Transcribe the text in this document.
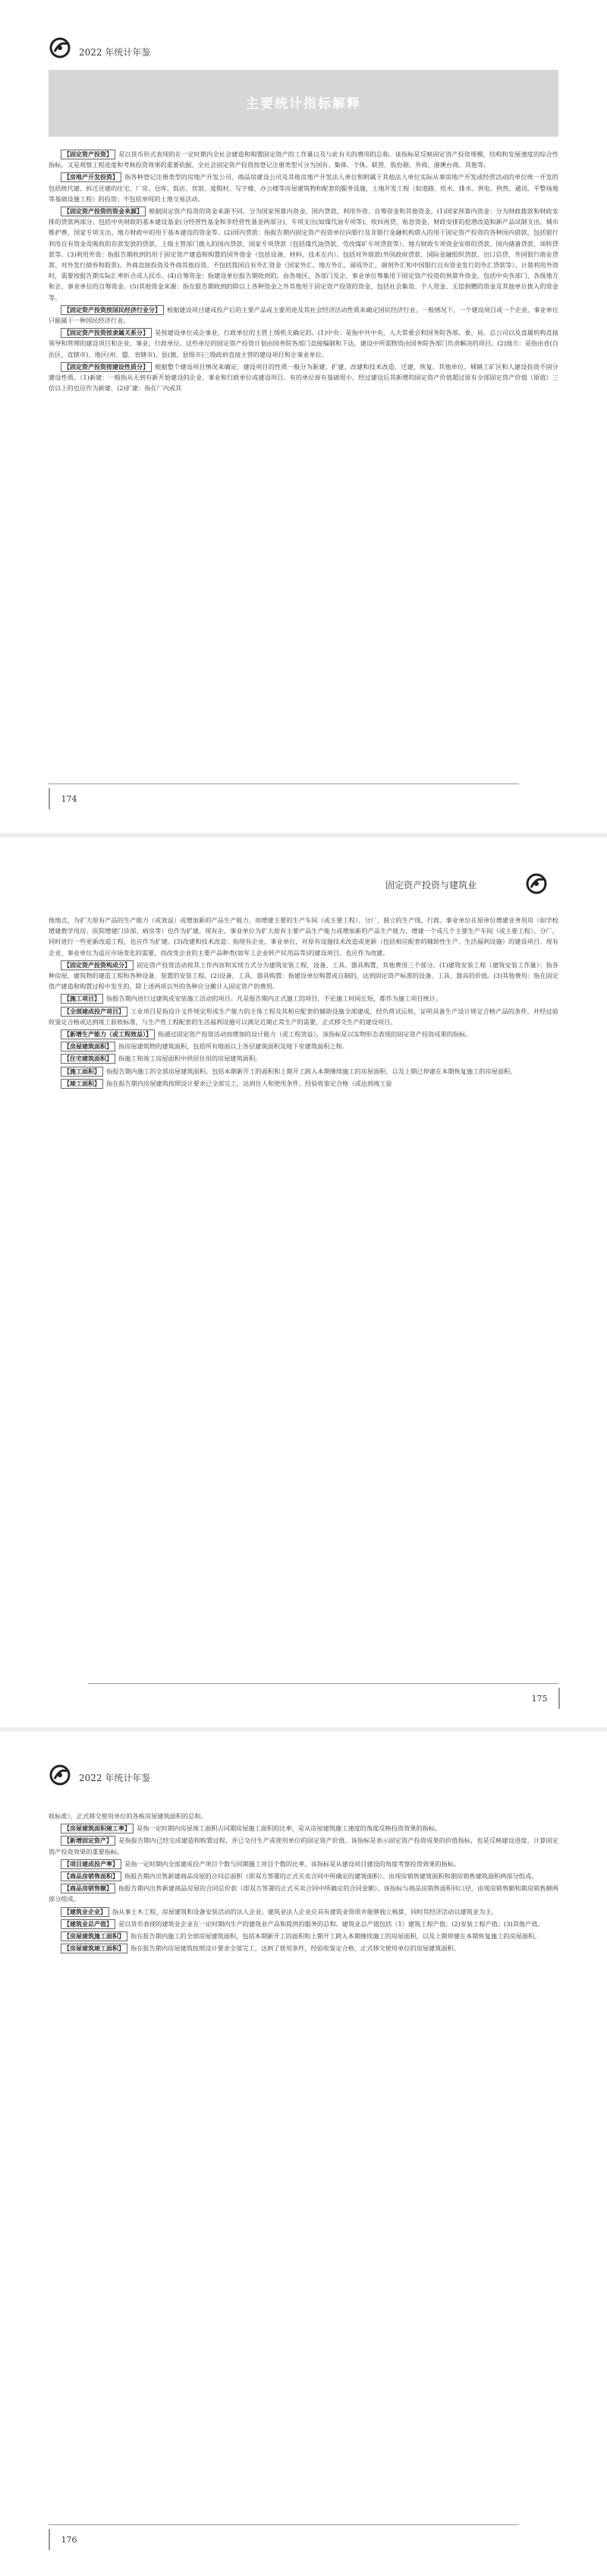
2022 年统计年鉴
主要统计指标解释

【固定资产投资】 是以货币形式表现的在一定时期内全社会建造和购置固定资产的工作量以及与此有关的费用的总称。该指标是反映固定资产投资规模、结构和发展速度的综合性指标，又是观察工程进度和考核投资效果的重要依据。全社会固定资产投资按登记注册类型可分为国有、集体、个体、联营、股份制、外商、港澳台商、其他等。

【房地产开发投资】 指各种登记注册类型的房地产开发公司、商品房建设公司及其他房地产开发法人单位和附属于其他法人单位实际从事房地产开发或经营活动的单位统一开发的包括统代建、拆迁还建的住宅、厂房、仓库、饭店、宾馆、度假村、写字楼、办公楼等房屋建筑物和配套的服务设施，土地开发工程（如道路、给水、排水、供电、供热、通讯、平整场地等基础设施工程）的投资；不包括单纯的土地交易活动。

【固定资产投资的资金来源】 根据固定资产投资的资金来源不同，分为国家预算内资金、国内贷款、利用外资、自筹资金和其他资金。(1)国家预算内资金：分为财政拨款和财政安排的贷款两部分。包括中央财政的基本建设基金(分经营性基金和非经营性基金两部分)、专项支出(如煤代油专项等)、收回再贷、贴息资金、财政安排的挖潜改造和新产品试制支出、城市维护费、国家专项支出、地方财政中的用于基本建设的资金等。(2)国内贷款：指报告期内固定资产投资单位向银行及非银行金融机构借入的用于固定资产投资的各种国内借款，包括银行利用自有资金及吸收的存款发放的贷款、上级主管部门拨入的国内贷款、国家专项贷款（包括煤代油贷款、劳改煤矿专项贷款等）、地方财政专项资金安排的贷款、国内储备贷款、周转贷款等。(3)利用外资：指报告期收到的用于固定资产建造和购置的国外资金（包括设备、材料、技术在内）。包括对外借款(外国政府贷款、国际金融组织贷款、出口信贷、外国银行商业贷款、对外发行债券和股票)、外商直接投资及外商其他投资。不包括我国自有外汇资金（国家外汇、地方外汇、留成外汇、调剂外汇和中国银行自有资金发行的外汇贷款等）。计算利用外资时，需要按报告期实际汇率折合成人民币。(4)自筹资金：指建设单位报告期收到的，由各地区、各部门及企、事业单位筹集用于固定资产投资的预算外资金，包括中央各部门、各级地方和企、事业单位的自筹资金。(5)其他资金来源：指在报告期收到的除以上各种资金之外其他用于固定资产投资的资金，包括社会集资、个人资金、无偿捐赠的资金及其他单位拨入的资金等。

【固定资产投资按国民经济行业分】 根据建设项目建成投产后的主要产品或主要用途及其社会经济活动性质来确定国民经济行业。一般情况下，一个建设项目或一个企业、事业单位只能属于一种国民经济行业。

【固定资产投资按隶属关系分】 是按建设单位或企事业、行政单位的主管上级机关确定的。(1)中央：是指中共中央、人大常委会和国务院各部、委、局、总公司以及直属机构直接领导和管理的建设项目和企业、事业、行政单位。这些单位的固定资产投资计划由国务院各部门直接编制和下达，建设中所需物资由国务院各部门负责解决的项目。(2)地方：是指由省(自治区、直辖市)、地区(州、盟、省辖市)、县(旗、县级市)三级政府直接主管的建设项目和企事业单位。

【固定资产投资按建设性质分】 根据整个建设项目情况来确定。建设项目的性质一般分为新建、扩建、改建和技术改造、迁建、恢复。其他单位、城镇工矿区和人建设投资不固分建设性质。（1)新建：一般指从无到有新开始建设的企业、事业和行政单位或建设项目。有的单位原有基础很小，经过建设后其新增的固定资产价值超过原有全部固定资产价值（原值）三倍以上的也应作为新建。(2)扩建：指在厂内或其

174
固定资产投资与建筑业

他地点，为扩大原有产品的生产能力（或效益）或增加新的产品生产能力，而增建主要的生产车间（或主要工程）、分厂、独立的生产线。行政、事业单位在原单位增建业务用房（如学校增建教学用房、医院增建门诊部、病房等）也作为扩建。现有企、事业单位为扩大原有主要产品生产能力或增加新的产品生产能力，增建一个或几个主要生产车间（或主要工程）、分厂，同时进行一些更新改造工程，也应作为扩建。(3)改建和技术改造：指现有企业、事业单位，对原有设施技术改造或更新（包括相应配套的辅助性生产、生活福利设施）的建设项目。现有企业、事业单位为适应市场变化的需要，而改变企业的主要产品种类(如军工企业转产民用品等)的建设项目，也应作为改建。

【固定资产投资构成分】 固定资产投资活动按其工作内容和实现方式分为建筑安装工程，设备、工具、器具购置，其他费用三个部分。(1)建筑安装工程（建筑安装工作量）：指各种房屋、建筑物的建造工程和各种设备、装置的安装工程。(2)设备、工具、器具购置：指建设单位购置或自制的，达到固定资产标准的设备、工具、器具的价值。(3)其他费用：指在固定资产建造和购置过程中发生的，除上述两项以外的各种应分摊计入固定资产的费用。

【施工项目】 指报告期内进行过建筑或安装施工活动的项目。凡是报告期内正式施工的项目，不论施工时间长短，都作为施工项目统计。

【全部建成投产项目】 工业项目是指设计文件规定形成生产能力的主体工程及其相应配套的辅助设施全部建成，经负荷试运转，证明具备生产设计规定合格产品的条件，并经过验收鉴定合格或达到竣工验收标准，与生产性工程配套的生活福利设施可以满足近期正常生产的需要，正式移交生产的建设项目。

【新增生产能力（或工程效益）】 指通过固定资产投资活动而增加的设计能力（或工程效益），该指标是以实物形态表现的固定资产投资成果的指标。

【房屋建筑面积】 指房屋建筑物的建筑面积，包括所有地面以上各层建筑面积及地下室建筑面积之和。

【住宅建筑面积】 指施工和竣工房屋面积中供居住用的房屋建筑面积。

【施工面积】 指报告期内施工的全部房屋建筑面积。包括本期新开工的面积和上期开工跨入本期继续施工的房屋面积，以及上期已停建在本期恢复施工的房屋面积。

【竣工面积】 指在报告期内房屋建筑按照设计要求已全部完工，达到住人和使用条件，经验收鉴定合格（或达到竣工验

175
2022 年统计年鉴

收标准），正式移交使用单位的各栋房屋建筑面积的总和。

【房屋建筑面积竣工率】 是指一定时期内房屋竣工面积占同期房屋施工面积的比率，是从房屋建筑施工速度的角度反映投资效果的指标。

【新增固定资产】 是指报告期内已经完成建造和购置过程，并已交付生产或使用单位的固定资产价值。该指标是表示固定资产投资成果的价值指标，也是反映建设进度、计算固定资产投资效果的重要指标。

【项目建成投产率】 是指一定时期内全部建成投产项目个数与同期施工项目个数的比率，该指标是从建设项目建设的角度考察投资效果的指标。

【商品房销售面积】 指报告期内出售新建商品房屋的合同总面积（即双方签署的正式买卖合同中所确定的建筑面积）。由现房销售建筑面积和期房销售建筑面积两部分组成。

【商品房销售额】 指报告期内出售新建商品房屋的合同总价款（即双方签署的正式买卖合同中所确定的合同金额）。该指标与商品房销售面积同口径，由现房销售额和期房销售额两部分组成。

【建筑业企业】 指从事土木工程、房屋建筑和设备安装活动的法人企业。建筑业法人企业应具有建筑业资质并能够独立核算，同时其经济活动以建筑业为主。

【建筑业总产值】 是以货币表现的建筑业企业在一定时期内生产的建筑业产品和提供的服务的总和。建筑业总产值包括（1）建筑工程产值；(2)安装工程产值；(3)其他产值。

【房屋建筑施工面积】 指在报告期内施工的全部房屋建筑面积。包括本期新开工的面积和上期开工跨入本期继续施工的房屋面积，以及上期停建在本期恢复施工的房屋面积。

【房屋建筑竣工面积】 指在报告期内房屋建筑按照设计要求全部完工，达到了使用条件，经验收鉴定合格，正式移交使用单位的房屋建筑面积。

176
